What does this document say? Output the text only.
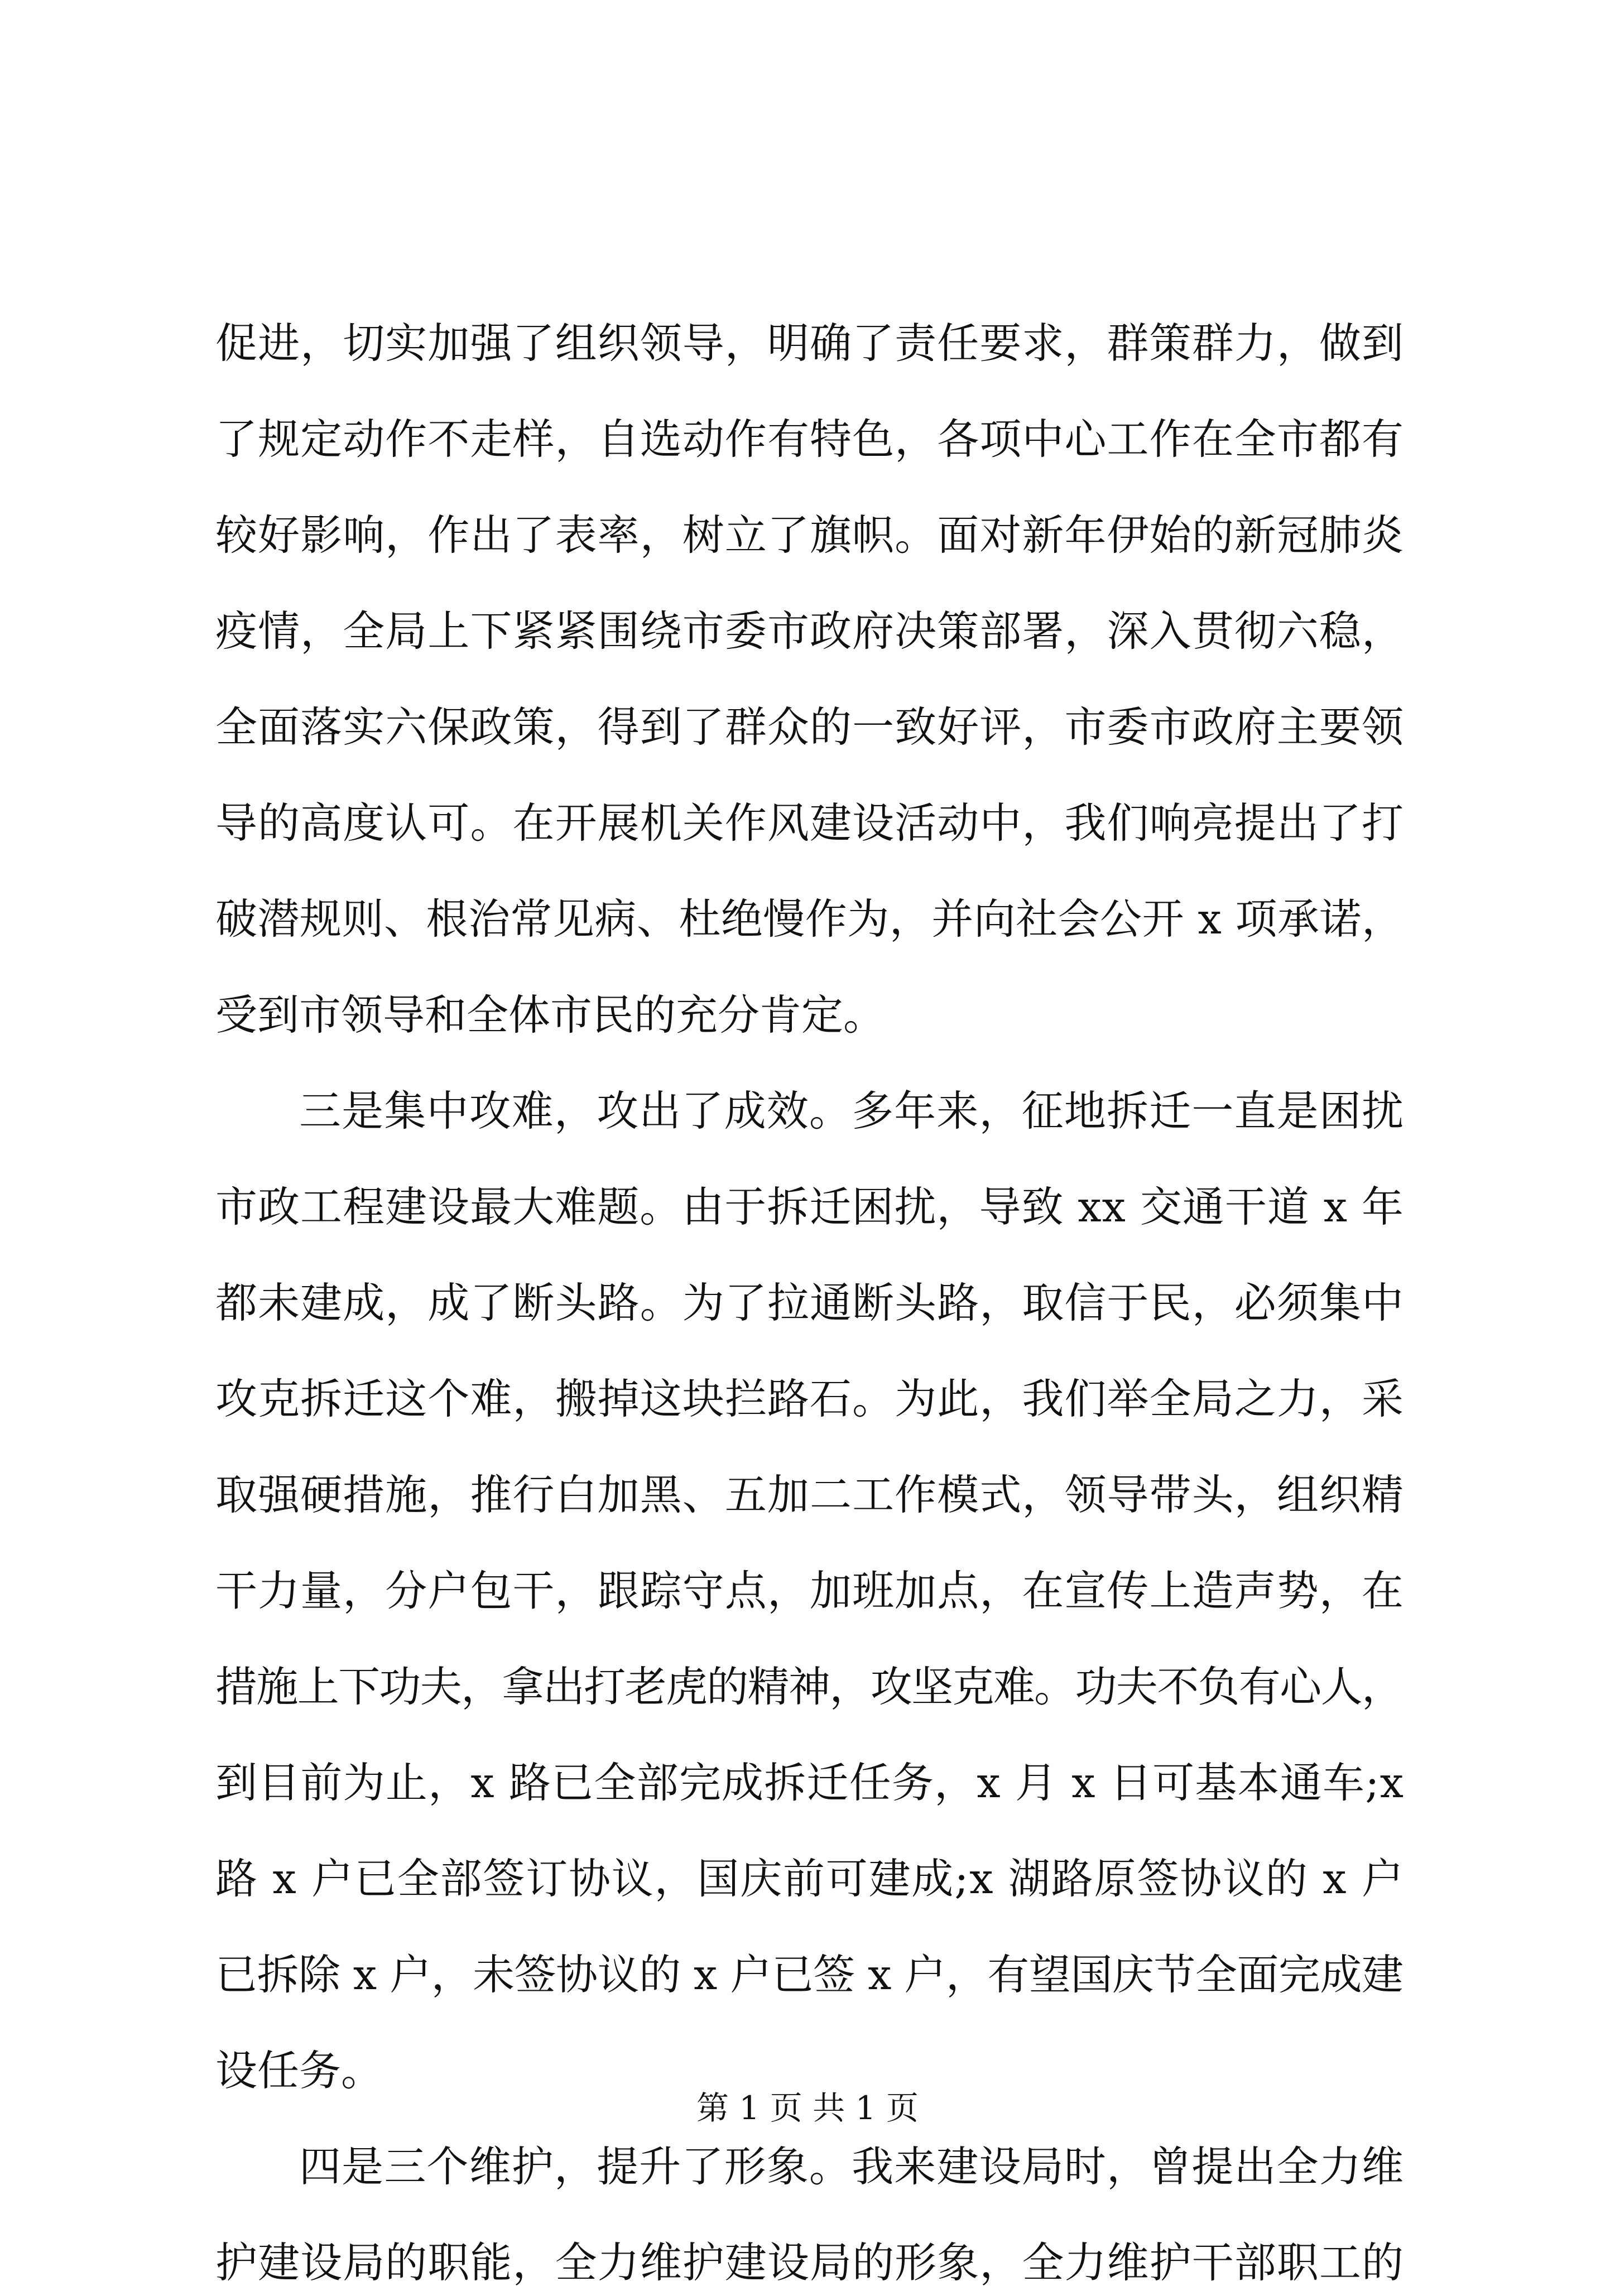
促进，切实加强了组织领导，明确了责任要求，群策群力，做到
了规定动作不走样，自选动作有特色，各项中心工作在全市都有
较好影响，作出了表率，树立了旗帜。面对新年伊始的新冠肺炎
疫情，全局上下紧紧围绕市委市政府决策部署，深入贯彻六稳，
全面落实六保政策，得到了群众的一致好评，市委市政府主要领
导的高度认可。在开展机关作风建设活动中，我们响亮提出了打
破潜规则、根治常见病、杜绝慢作为，并向社会公开 x 项承诺，
受到市领导和全体市民的充分肯定。
三是集中攻难，攻出了成效。多年来，征地拆迁一直是困扰
市政工程建设最大难题。由于拆迁困扰，导致 xx 交通干道 x 年
都未建成，成了断头路。为了拉通断头路，取信于民，必须集中
攻克拆迁这个难，搬掉这块拦路石。为此，我们举全局之力，采
取强硬措施，推行白加黑、五加二工作模式，领导带头，组织精
干力量，分户包干，跟踪守点，加班加点，在宣传上造声势，在
措施上下功夫，拿出打老虎的精神，攻坚克难。功夫不负有心人，
到目前为止，x 路已全部完成拆迁任务，x 月 x 日可基本通车;x
路 x 户已全部签订协议，国庆前可建成;x 湖路原签协议的 x 户
已拆除 x 户，未签协议的 x 户已签 x 户，有望国庆节全面完成建
设任务。
四是三个维护，提升了形象。我来建设局时，曾提出全力维
护建设局的职能，全力维护建设局的形象，全力维护干部职工的
第 1 页 共 1 页
